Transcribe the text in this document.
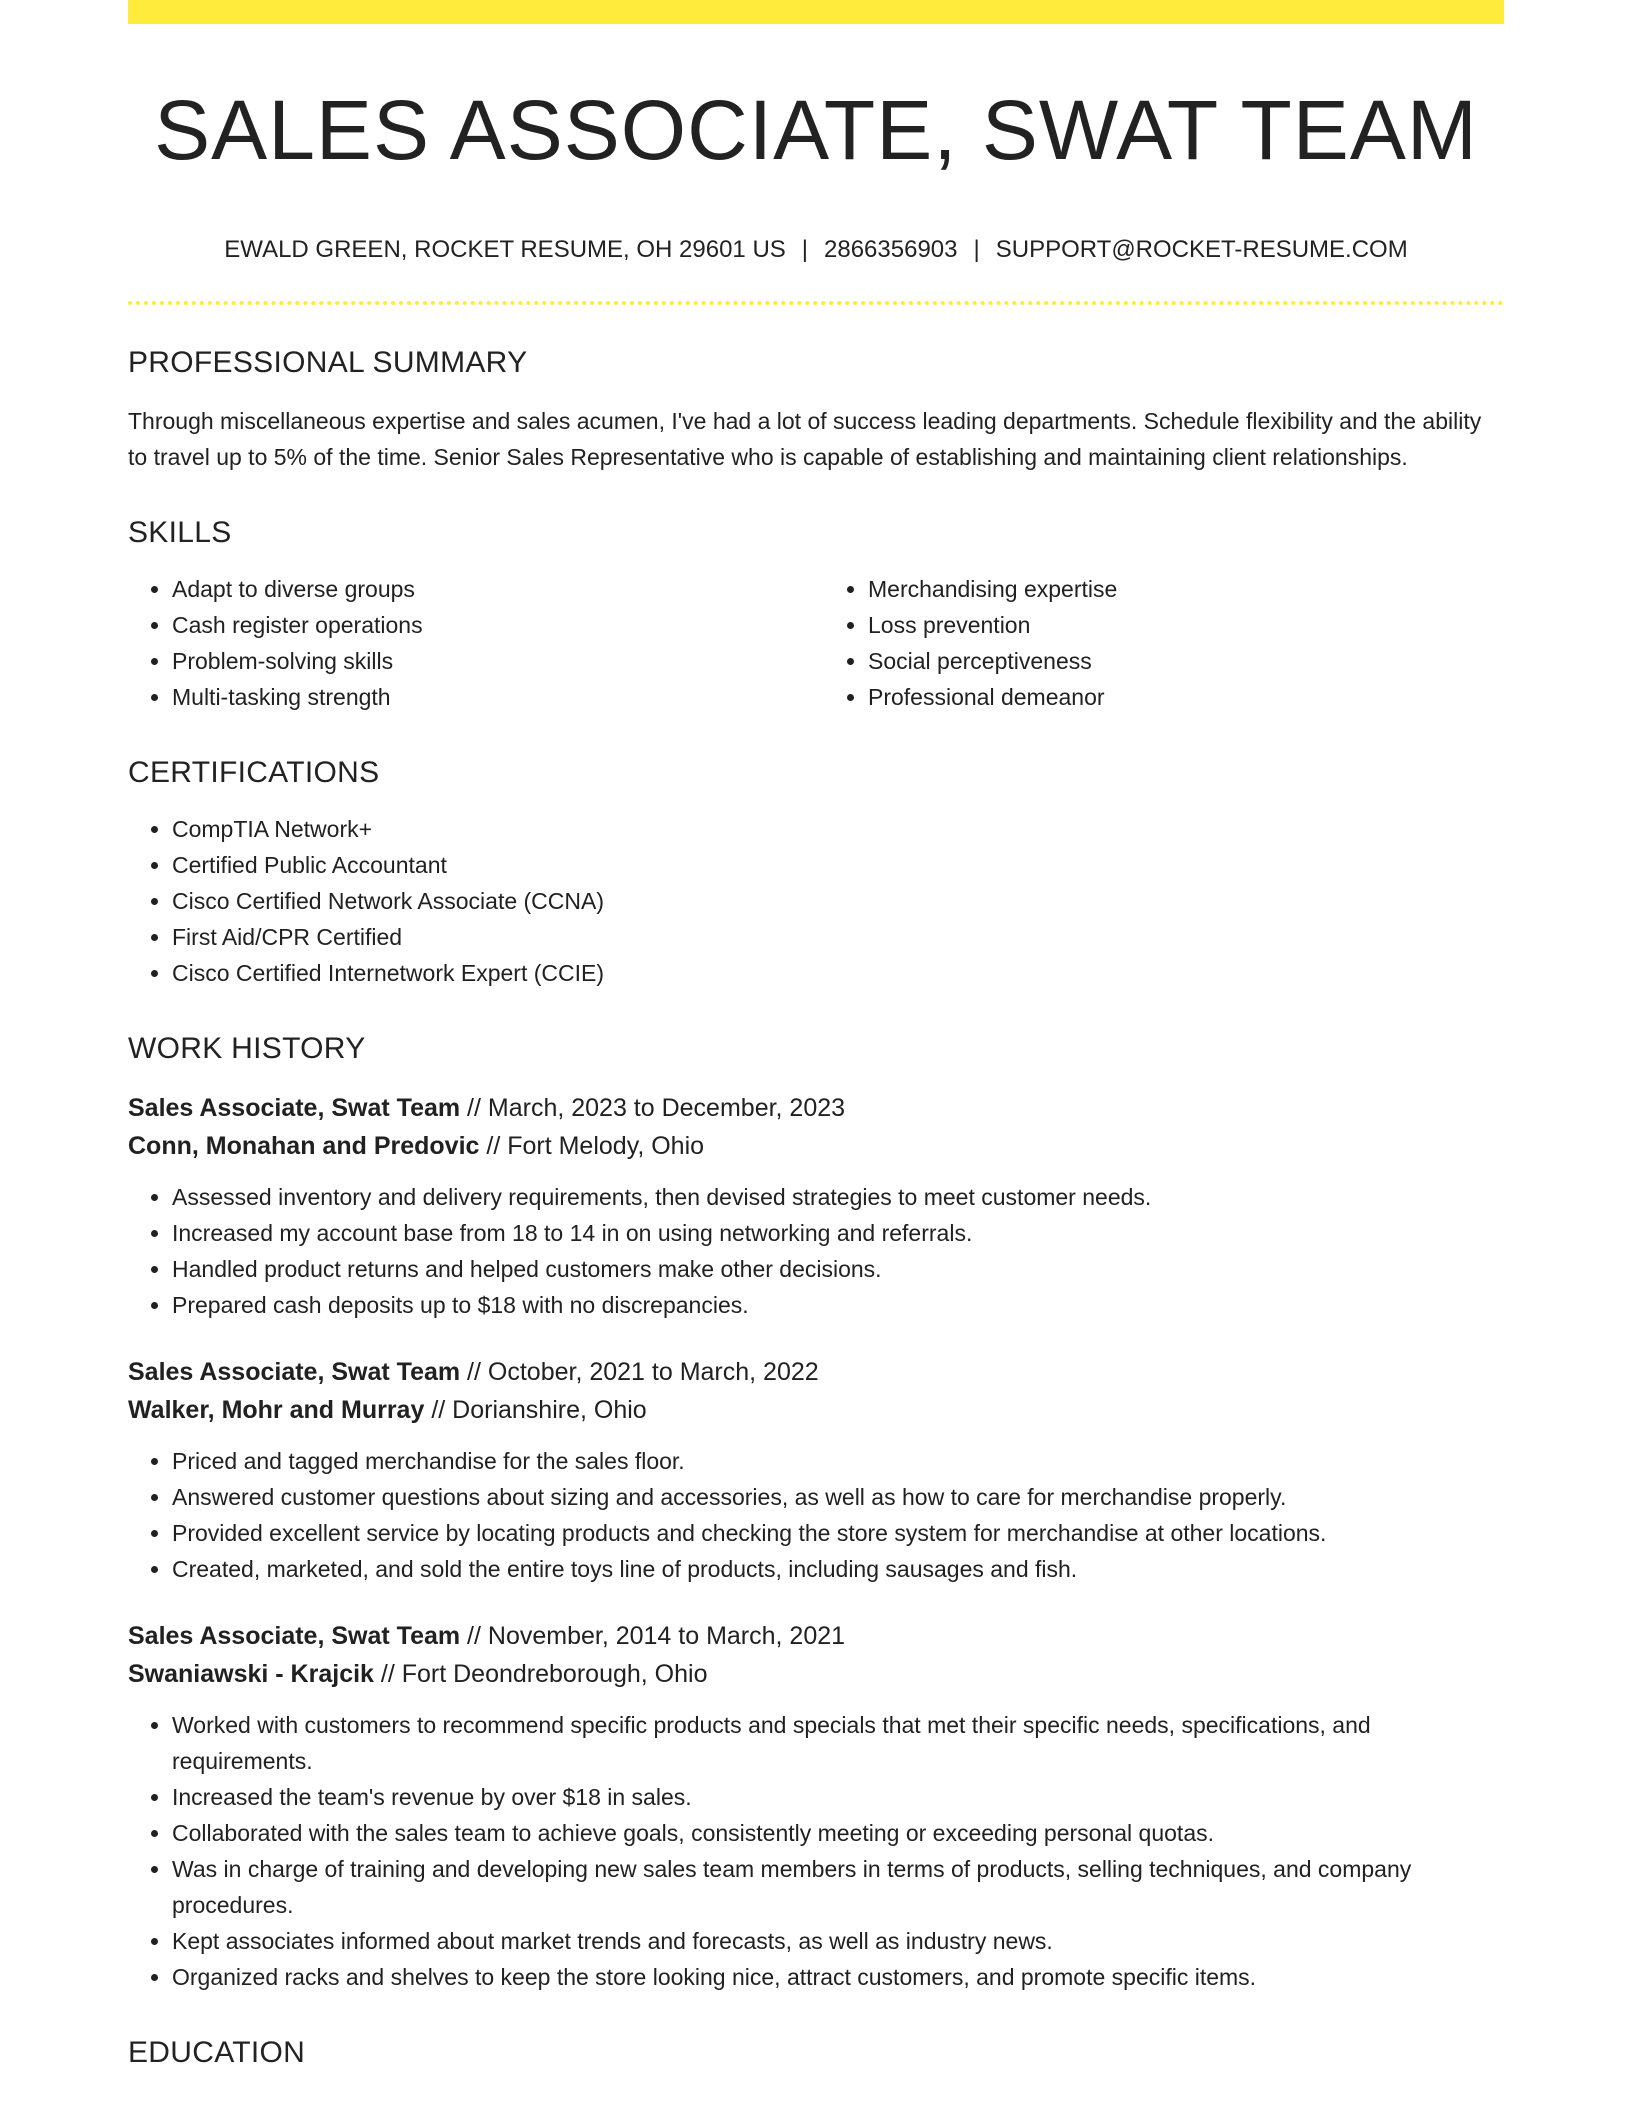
SALES ASSOCIATE, SWAT TEAM
EWALD GREEN, ROCKET RESUME, OH 29601 US | 2866356903 | SUPPORT@ROCKET-RESUME.COM
PROFESSIONAL SUMMARY

Through miscellaneous expertise and sales acumen, I've had a lot of success leading departments. Schedule flexibility and the ability to travel up to 5% of the time. Senior Sales Representative who is capable of establishing and maintaining client relationships.

SKILLS
• Adapt to diverse groups
• Cash register operations
• Problem-solving skills
• Multi-tasking strength
• Merchandising expertise
• Loss prevention
• Social perceptiveness
• Professional demeanor
CERTIFICATIONS
• CompTIA Network+
• Certified Public Accountant
• Cisco Certified Network Associate (CCNA)
• First Aid/CPR Certified
• Cisco Certified Internetwork Expert (CCIE)
WORK HISTORY
Sales Associate, Swat Team // March, 2023 to December, 2023
Conn, Monahan and Predovic // Fort Melody, Ohio
• Assessed inventory and delivery requirements, then devised strategies to meet customer needs.
• Increased my account base from 18 to 14 in on using networking and referrals.
• Handled product returns and helped customers make other decisions.
• Prepared cash deposits up to $18 with no discrepancies.
Sales Associate, Swat Team // October, 2021 to March, 2022
Walker, Mohr and Murray // Dorianshire, Ohio
• Priced and tagged merchandise for the sales floor.
• Answered customer questions about sizing and accessories, as well as how to care for merchandise properly.
• Provided excellent service by locating products and checking the store system for merchandise at other locations.
• Created, marketed, and sold the entire toys line of products, including sausages and fish.
Sales Associate, Swat Team // November, 2014 to March, 2021
Swaniawski - Krajcik // Fort Deondreborough, Ohio
• Worked with customers to recommend specific products and specials that met their specific needs, specifications, and requirements.
• Increased the team's revenue by over $18 in sales.
• Collaborated with the sales team to achieve goals, consistently meeting or exceeding personal quotas.
• Was in charge of training and developing new sales team members in terms of products, selling techniques, and company procedures.
• Kept associates informed about market trends and forecasts, as well as industry news.
• Organized racks and shelves to keep the store looking nice, attract customers, and promote specific items.
EDUCATION
